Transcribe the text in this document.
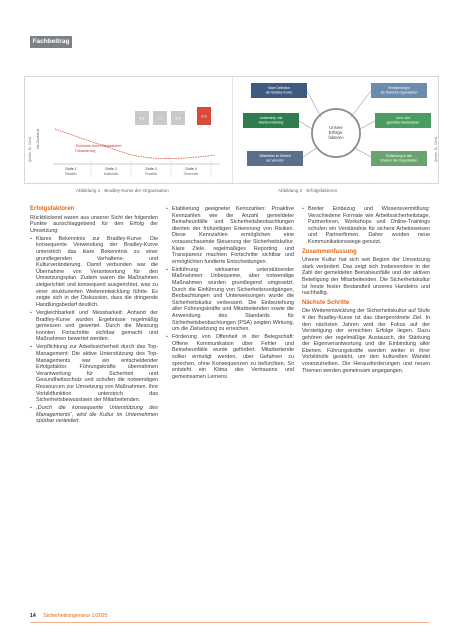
Fachbeitrag
Ist-Zustand
5.1	7.1	5.5	4.6
„Einbinden durch Eskalationen“
Fokussierung
Stufe 1
Reaktiv
Stufe 2
Kalkulativ
Stufe 3
Proaktiv
Stufe 4
Generativ
Quelle: Dr. Gerd
Unsere
Erfolgs-
faktoren
Klare Definition
der Bradley-Kurve
Verankerung in
der Betriebs-organisation
Leadership und
Wertevorstellung
Lern- und
geprüftes Basiswissen
Mitarbeiter im Betrieb
als Vorreiter
Einbindung in alle
Ebenen der Organisation	Quelle: Dr. Gerd
Abbildung 1 · Bradley-Kurve der Organisation	Abbildung 2 · Erfolgsfaktoren
Erfolgsfaktoren

Rückblickend waren aus unserer Sicht der folgenden Punkte ausschlaggebend für den Erfolg der Umsetzung:

▪ Klares Bekenntnis zur Bradley-Kurve: Die konsequente Verwendung der Bradley-Kurve unterstrich das klare Bekenntnis zu einer grundlegenden Verhaltens- und Kulturveränderung. Damit verbunden war die Übernahme von Verantwortung für den Umsetzungsplan. Zudem waren die Maßnahmen zielgerichtet und konsequent ausgerichtet, was zu einer strukturierten Weiterentwicklung führte. Es zeigte sich in der Diskussion, dass die dringende Handlungsbedarf deutlich.

▪ Vergleichbarkeit und Messbarkeit: Anhand der Bradley-Kurve wurden Ergebnisse regelmäßig gemessen und gewertet. Durch die Messung konnten Fortschritte sichtbar gemacht und Maßnahmen bewertet werden.

▪ Verpflichtung zur Arbeitssicherheit durch das Top-Management: Die aktive Unterstützung des Top-Managements war ein entscheidender Erfolgsfaktor. Führungskräfte übernahmen Verantwortung für Sicherheit und Gesundheitsschutz und schufen die notwendigen Ressourcen zur Umsetzung von Maßnahmen. Ihre Vorbildfunktion unterstrich das Sicherheitsbewusstsein der Mitarbeitenden.

▪ „Durch die konsequente Unterstützung des Managements“, wird die Kultur im Unternehmen spürbar verändert.

▪ Etablierung geeigneter Kennzahlen: Proaktive Kennzahlen wie die Anzahl gemeldeter Beinaheunfälle und Sicherheitsbeobachtungen dienten der frühzeitigen Erkennung von Risiken. Diese Kennzahlen ermöglichen eine vorausschauende Steuerung der Sicherheitskultur. Klare Ziele, regelmäßiges Reporting und Transparenz machten Fortschritte sichtbar und ermöglichten fundierte Entscheidungen.

▪ Einführung wirksamer unterstützender Maßnahmen: Unbequeme, aber notwendige Maßnahmen wurden grundlegend umgesetzt. Durch die Einführung von Sicherheitsrundgängen, Beobachtungen und Unterweisungen wurde die Sicherheitskultur verbessert. Die Einbeziehung aller Führungskräfte und Mitarbeitenden sowie die Anwendung des Standards für Sicherheitsbeobachtungen (PSA) zeigten Wirkung, um die Zielsetzung zu erreichen.

▪ Förderung von Offenheit in der Belegschaft: Offene Kommunikation über Fehler und Beinaheunfälle wurde gefördert. Mitarbeitende sollen ermutigt werden, über Gefahren zu sprechen, ohne Konsequenzen zu befürchten. So entsteht ein Klima des Vertrauens und gemeinsamen Lernens.

▪ Breiter Einbezug und Wissensvermittlung: Verschiedene Formate wie Arbeitssicherheitstage, Partnerforen, Workshops und Online-Trainings schufen ein Verständnis für sichere Arbeitsweisen und Partnerfirmen. Daher wurden neue Kommunikationswege genutzt.

Zusammenfassung

Unsere Kultur hat sich seit Beginn der Umsetzung stark verändert. Das zeigt sich insbesondere in der Zahl der gemeldeten Beinaheunfälle und der aktiven Beteiligung der Mitarbeitenden. Die Sicherheitskultur ist heute fester Bestandteil unseres Handelns und nachhaltig.

Nächste Schritte

Die Weiterentwicklung der Sicherheitskultur auf Stufe 4 der Bradley-Kurve ist das übergeordnete Ziel. In den nächsten Jahren wird der Fokus auf der Verstetigung der erreichten Erfolge liegen. Dazu gehören der regelmäßige Austausch, die Stärkung der Eigenverantwortung und die Einbindung aller Ebenen. Führungskräfte werden weiter in ihrer Vorbildrolle gestärkt, um den kulturellen Wandel voranzutreiben. Die Herausforderungen und neuen Themen werden gemeinsam angegangen.

14 Sicherheitsingenieur 1/2025
